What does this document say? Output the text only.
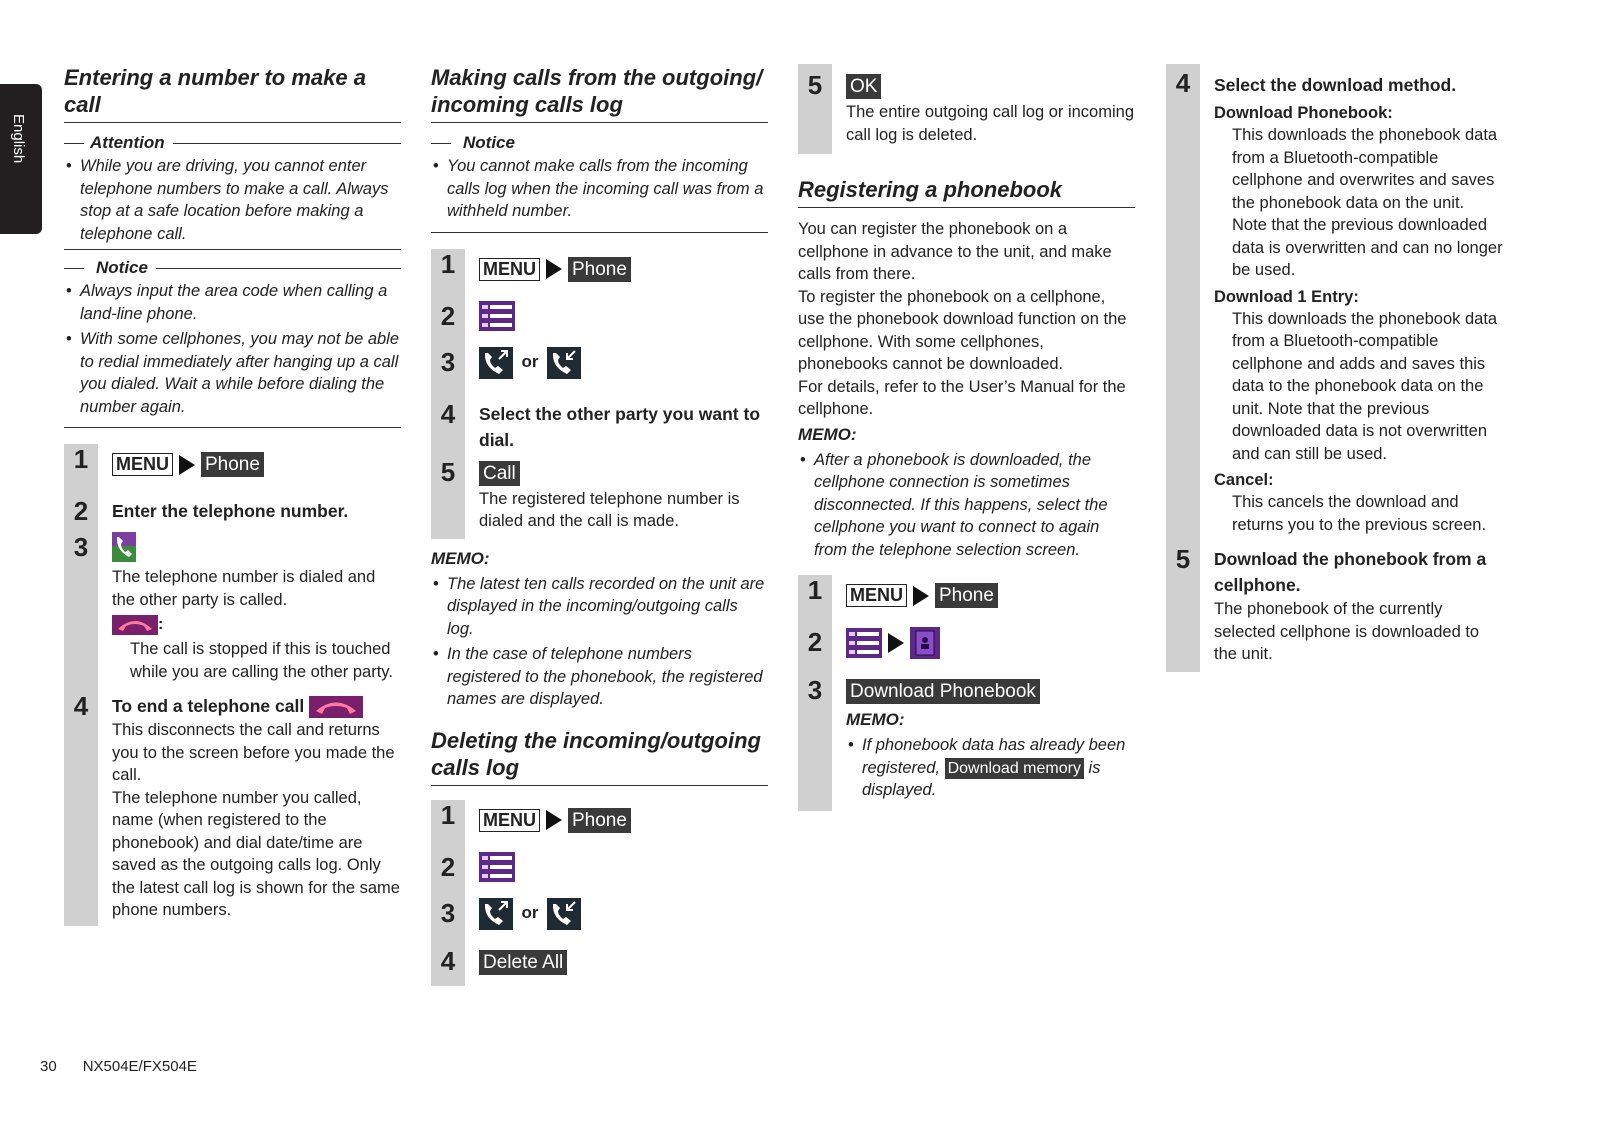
English
Entering a number to make a call
Attention
• While you are driving, you cannot enter telephone numbers to make a call. Always stop at a safe location before making a telephone call.
Notice
• Always input the area code when calling a land-line phone.
• With some cellphones, you may not be able to redial immediately after hanging up a call you dialed. Wait a while before dialing the number again.
1	MENU Phone
2	Enter the telephone number.
3
The telephone number is dialed and the other party is called.
:
The call is stopped if this is touched while you are calling the other party.
4	To end a telephone call
This disconnects the call and returns you to the screen before you made the call.
The telephone number you called, name (when registered to the phonebook) and dial date/time are saved as the outgoing calls log. Only the latest call log is shown for the same phone numbers.
Making calls from the outgoing/ incoming calls log
Notice
• You cannot make calls from the incoming calls log when the incoming call was from a withheld number.
1	MENU Phone
2
3	or
4	Select the other party you want to dial.
5	Call
The registered telephone number is dialed and the call is made.
MEMO:
• The latest ten calls recorded on the unit are displayed in the incoming/outgoing calls log.
• In the case of telephone numbers registered to the phonebook, the registered names are displayed.
Deleting the incoming/outgoing calls log
1	MENU Phone
2
3	or
4	Delete All
5	OK
The entire outgoing call log or incoming call log is deleted.
Registering a phonebook
You can register the phonebook on a cellphone in advance to the unit, and make calls from there.
To register the phonebook on a cellphone, use the phonebook download function on the cellphone. With some cellphones, phonebooks cannot be downloaded.
For details, refer to the User’s Manual for the cellphone.
MEMO:
• After a phonebook is downloaded, the cellphone connection is sometimes disconnected. If this happens, select the cellphone you want to connect to again from the telephone selection screen.
1	MENU Phone
2
3	Download Phonebook
MEMO:
• If phonebook data has already been registered, Download memory is displayed.
4	Select the download method.
Download Phonebook:
This downloads the phonebook data from a Bluetooth-compatible cellphone and overwrites and saves the phonebook data on the unit.
Note that the previous downloaded data is overwritten and can no longer be used.
Download 1 Entry:
This downloads the phonebook data from a Bluetooth-compatible cellphone and adds and saves this data to the phonebook data on the unit. Note that the previous downloaded data is not overwritten and can still be used.
Cancel:
This cancels the download and returns you to the previous screen.
5	Download the phonebook from a cellphone.
The phonebook of the currently selected cellphone is downloaded to the unit.
30 NX504E/FX504E
